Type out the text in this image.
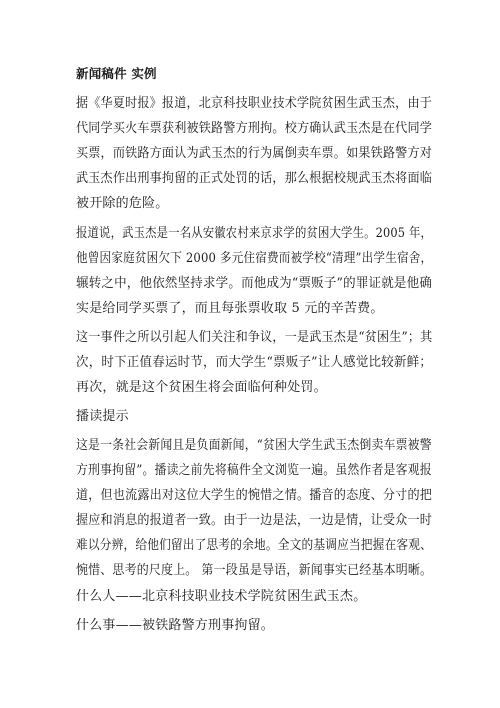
新闻稿件 实例
据《华夏时报》报道，北京科技职业技术学院贫困生武玉杰，由于
代同学买火车票获利被铁路警方刑拘。校方确认武玉杰是在代同学
买票，而铁路方面认为武玉杰的行为属倒卖车票。如果铁路警方对
武玉杰作出刑事拘留的正式处罚的话，那么根据校规武玉杰将面临
被开除的危险。
报道说，武玉杰是一名从安徽农村来京求学的贫困大学生。2005 年，
他曾因家庭贫困欠下 2000 多元住宿费而被学校“清理”出学生宿舍，
辗转之中，他依然坚持求学。而他成为“票贩子”的罪证就是他确
实是给同学买票了，而且每张票收取 5 元的辛苦费。
这一事件之所以引起人们关注和争议，一是武玉杰是“贫困生”；其
次，时下正值春运时节，而大学生“票贩子”让人感觉比较新鲜；
再次，就是这个贫困生将会面临何种处罚。
播读提示
这是一条社会新闻且是负面新闻，“贫困大学生武玉杰倒卖车票被警
方刑事拘留”。播读之前先将稿件全文浏览一遍。虽然作者是客观报
道，但也流露出对这位大学生的惋惜之情。播音的态度、分寸的把
握应和消息的报道者一致。由于一边是法，一边是情，让受众一时
难以分辨，给他们留出了思考的余地。全文的基调应当把握在客观、
惋惜、思考的尺度上。 第一段虽是导语，新闻事实已经基本明晰。
什么人——北京科技职业技术学院贫困生武玉杰。
什么事——被铁路警方刑事拘留。
